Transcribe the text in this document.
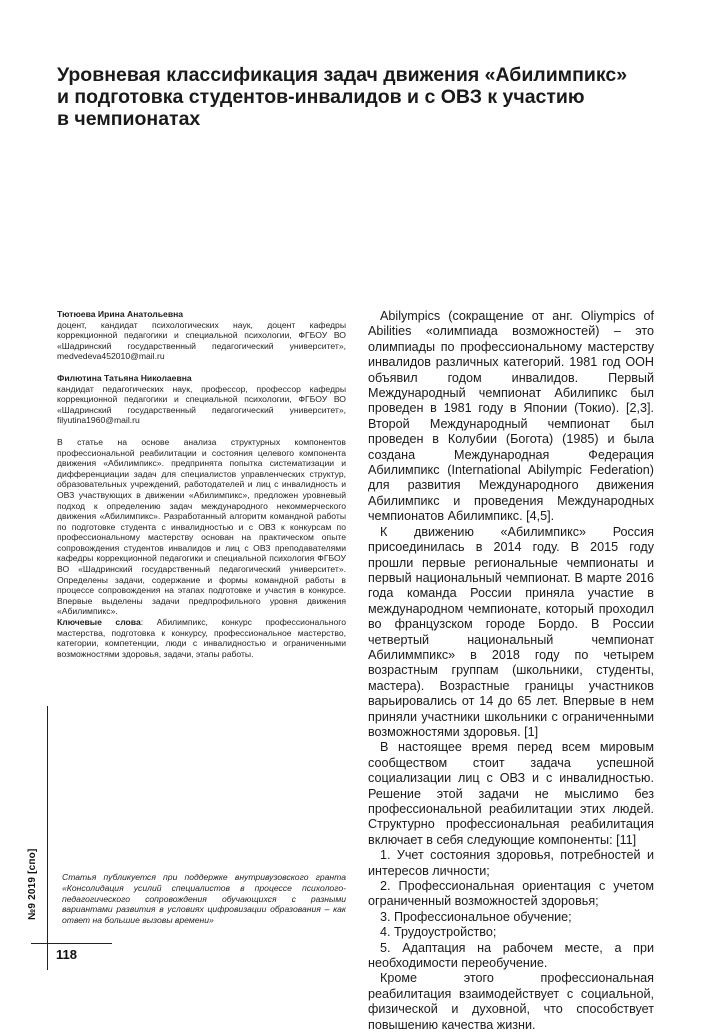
Уровневая классификация задач движения «Абилимпикс»
и подготовка студентов-инвалидов и с ОВЗ к участию
в чемпионатах

Тютюева Ирина Анатольевна

доцент, кандидат психологических наук, доцент кафедры коррекционной педагогики и специальной психологии, ФГБОУ ВО «Шадринский государственный педагогический университет», medvedeva452010@mail.ru

Филютина Татьяна Николаевна

кандидат педагогических наук, профессор, профессор кафедры коррекционной педагогики и специальной психологии, ФГБОУ ВО «Шадринский государственный педагогический университет», filyutina1960@mail.ru

В статье на основе анализа структурных компонентов профессиональной реабилитации и состояния целевого компонента движения «Абилимпикс». предпринята попытка систематизации и дифференциации задач для специалистов управленческих структур, образовательных учреждений, работодателей и лиц с инвалидность и ОВЗ участвующих в движении «Абилимпикс», предложен уровневый подход к определению задач международного некоммерческого движения «Абилимпикс». Разработанный алгоритм командной работы по подготовке студента с инвалидностью и с ОВЗ к конкурсам по профессиональному мастерству основан на практическом опыте сопровождения студентов инвалидов и лиц с ОВЗ преподавателями кафедры коррекционной педагогики и специальной психология ФГБОУ ВО «Шадринский государственный педагогический университет». Определены задачи, содержание и формы командной работы в процессе сопровождения на этапах подготовке и участия в конкурсе. Впервые выделены задачи предпрофильного уровня движения «Абилимпикс».

Ключевые слова: Абилимпикс, конкурс профессионального мастерства, подготовка к конкурсу, профессиональное мастерство, категории, компетенции, люди с инвалидностью и ограниченными возможностями здоровья, задачи, этапы работы.

Статья публикуется при поддержке внутривузовского гранта «Консолидация усилий специалистов в процессе психолого-педагогического сопровождения обучающихся с разными вариантами развития в условиях цифровизации образования – как ответ на большие вызовы времени»

Abilympics (сокращение от анг. Oliympics of Abilities «олимпиада возможностей) – это олимпиады по профессиональному мастерству инвалидов различных категорий. 1981 год ООН объявил годом инвалидов. Первый Международный чемпионат Абилипикс был проведен в 1981 году в Японии (Токио). [2,3]. Второй Международный чемпионат был проведен в Колубии (Богота) (1985) и была создана Международная Федерация Абилимпикс (International Abilympic Federation) для развития Международного движения Абилимпикс и проведения Международных чемпионатов Абилимпикс. [4,5].

К движению «Абилимпикс» Россия присоединилась в 2014 году. В 2015 году прошли первые региональные чемпионаты и первый национальный чемпионат. В марте 2016 года команда России приняла участие в международном чемпионате, который проходил во французском городе Бордо. В России четвертый национальный чемпионат Абилиммпикс» в 2018 году по четырем возрастным группам (школьники, студенты, мастера). Возрастные границы участников варьировались от 14 до 65 лет. Впервые в нем приняли участники школьники с ограниченными возможностями здоровья. [1]

В настоящее время перед всем мировым сообществом стоит задача успешной социализации лиц с ОВЗ и с инвалидностью. Решение этой задачи не мыслимо без профессиональной реабилитации этих людей. Структурно профессиональная реабилитация включает в себя следующие компоненты: [11]

1. Учет состояния здоровья, потребностей и интересов личности;

2. Профессиональная ориентация с учетом ограниченный возможностей здоровья;

3. Профессиональное обучение;

4. Трудоустройство;

5. Адаптация на рабочем месте, а при необходимости переобучение.

Кроме этого профессиональная реабилитация взаимодействует с социальной, физической и духовной, что способствует повышению качества жизни.

№9 2019 [спо]
118
